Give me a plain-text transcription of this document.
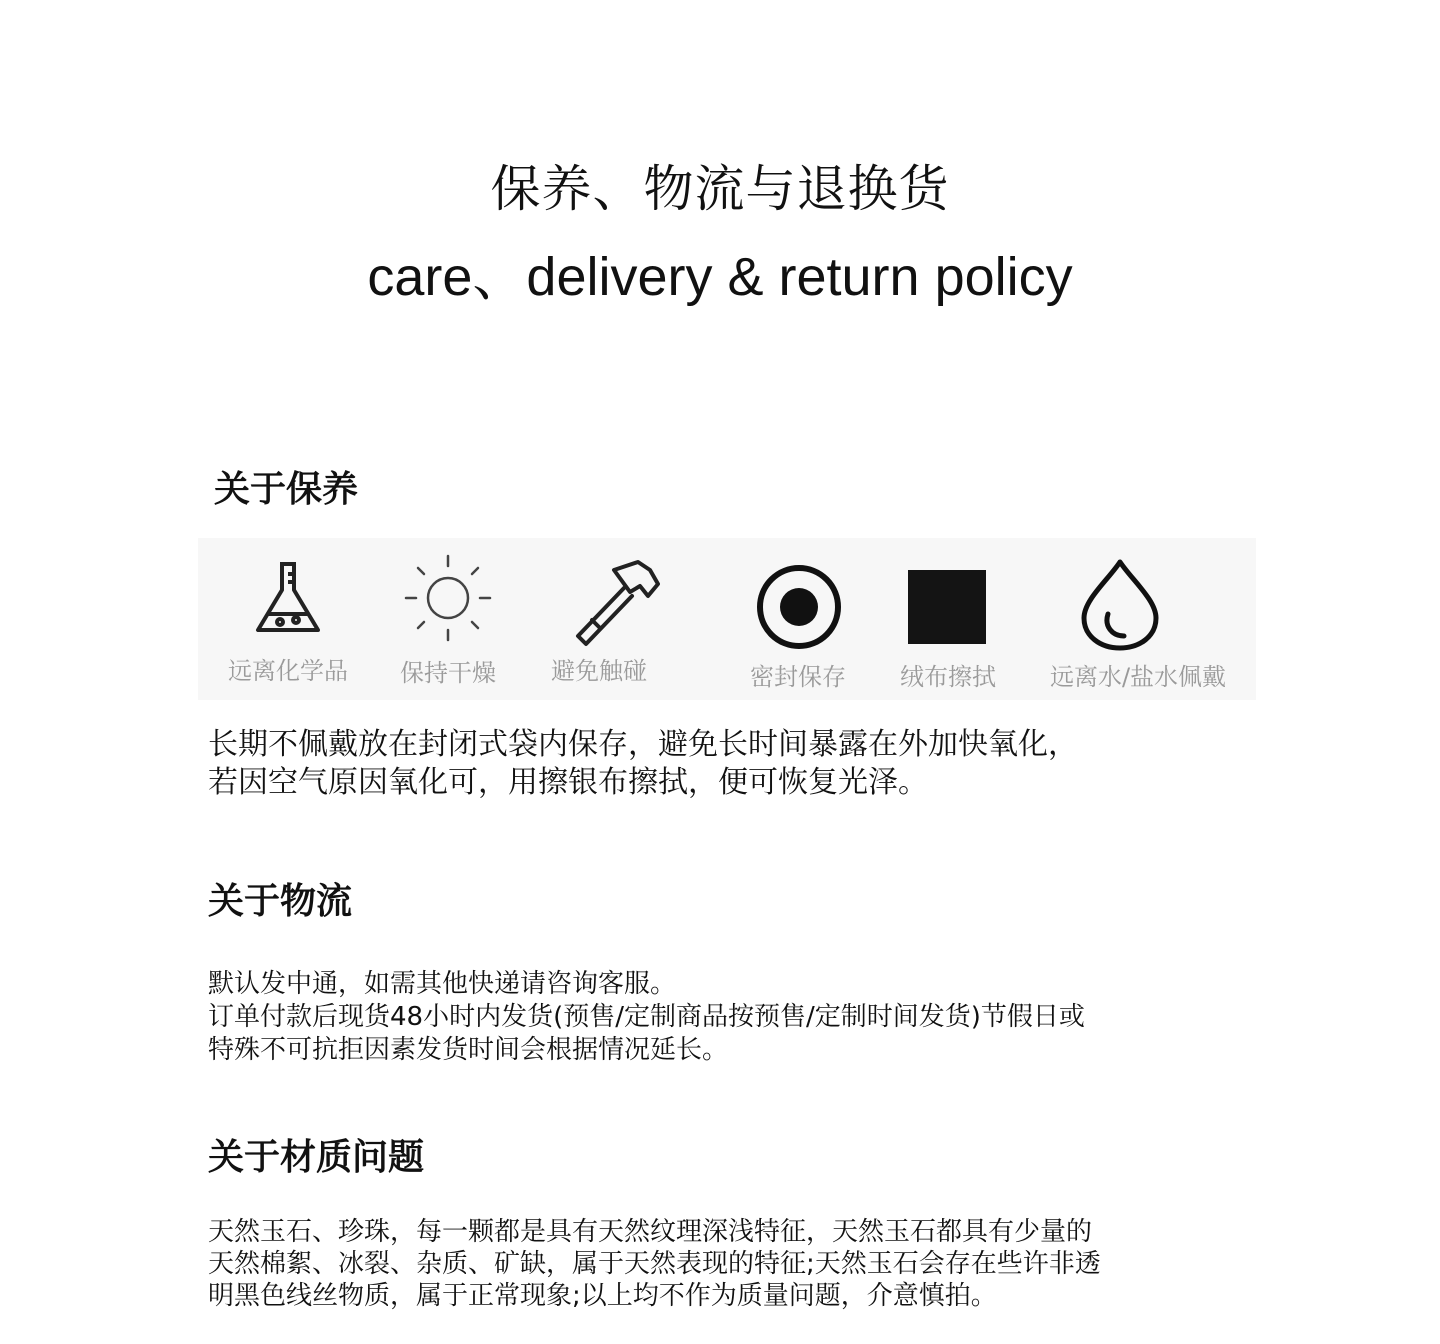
保养、物流与退换货
care、delivery & return policy
关于保养
远离化学品	保持干燥	避免触碰	密封保存	绒布擦拭	远离水/盐水佩戴
长期不佩戴放在封闭式袋内保存，避免长时间暴露在外加快氧化，
若因空气原因氧化可，用擦银布擦拭，便可恢复光泽。
关于物流
默认发中通，如需其他快递请咨询客服。
订单付款后现货48小时内发货(预售/定制商品按预售/定制时间发货)节假日或
特殊不可抗拒因素发货时间会根据情况延长。
关于材质问题
天然玉石、珍珠，每一颗都是具有天然纹理深浅特征，天然玉石都具有少量的
天然棉絮、冰裂、杂质、矿缺，属于天然表现的特征;天然玉石会存在些许非透
明黑色线丝物质，属于正常现象;以上均不作为质量问题，介意慎拍。
